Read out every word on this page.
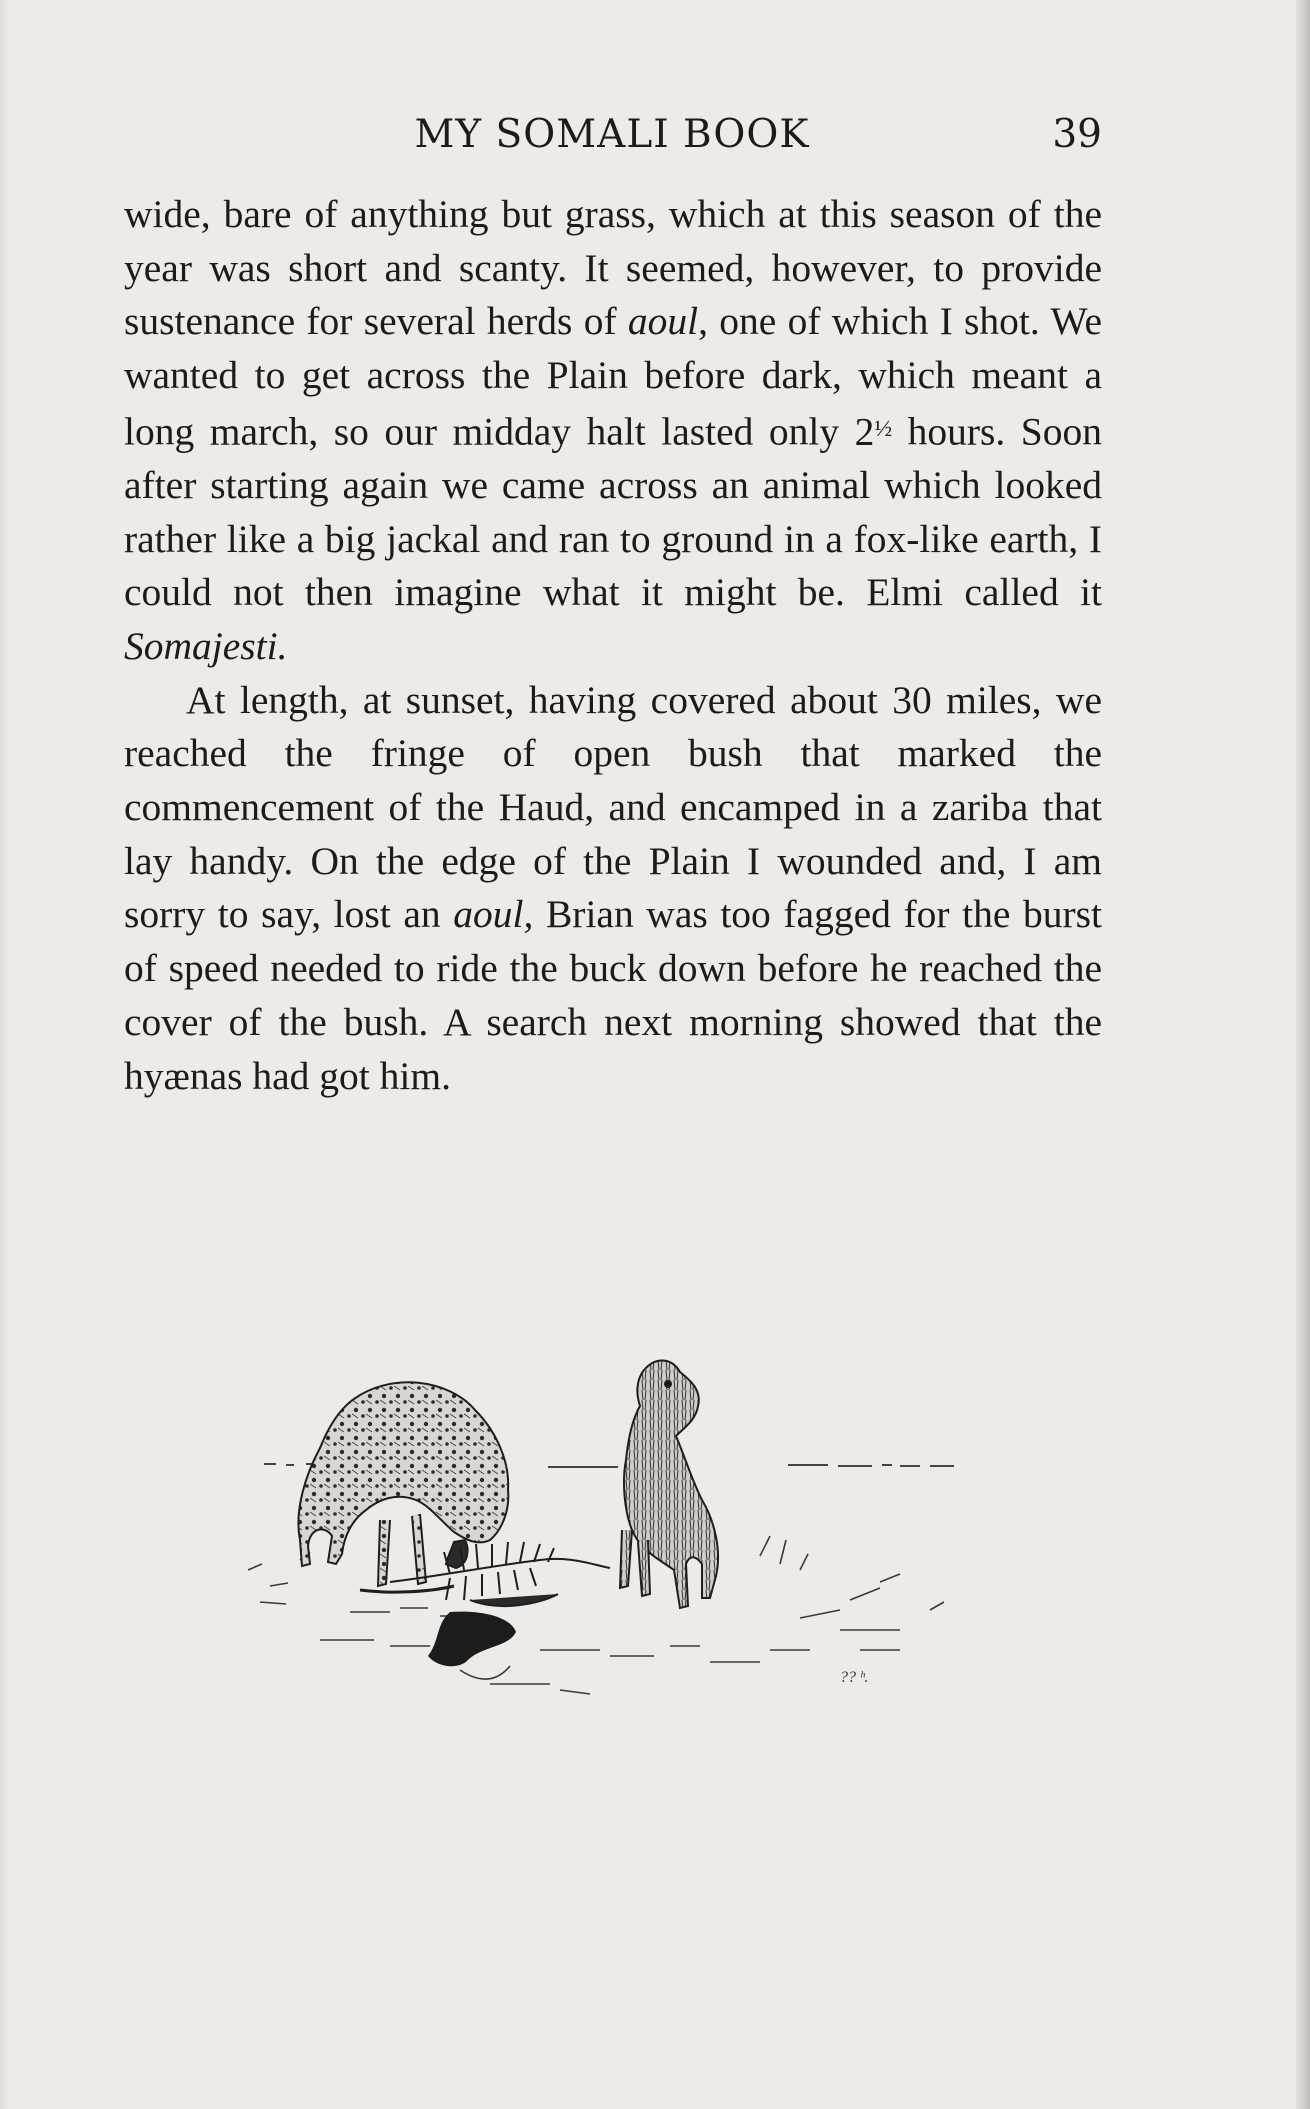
MY SOMALI BOOK	39

wide, bare of anything but grass, which at this season of the year was short and scanty. It seemed, however, to provide sustenance for several herds of aoul, one of which I shot. We wanted to get across the Plain before dark, which meant a long march, so our midday halt lasted only $2^{\frac{1}{2}}$ hours. Soon after starting again we came across an animal which looked rather like a big jackal and ran to ground in a fox-like earth, I could not then imagine what it might be. Elmi called it Somajesti.

At length, at sunset, having covered about 30 miles, we reached the fringe of open bush that marked the commencement of the Haud, and encamped in a zariba that lay handy. On the edge of the Plain I wounded and, I am sorry to say, lost an aoul, Brian was too fagged for the burst of speed needed to ride the buck down before he reached the cover of the bush. A search next morning showed that the hyænas had got him.

?? ʰ.
